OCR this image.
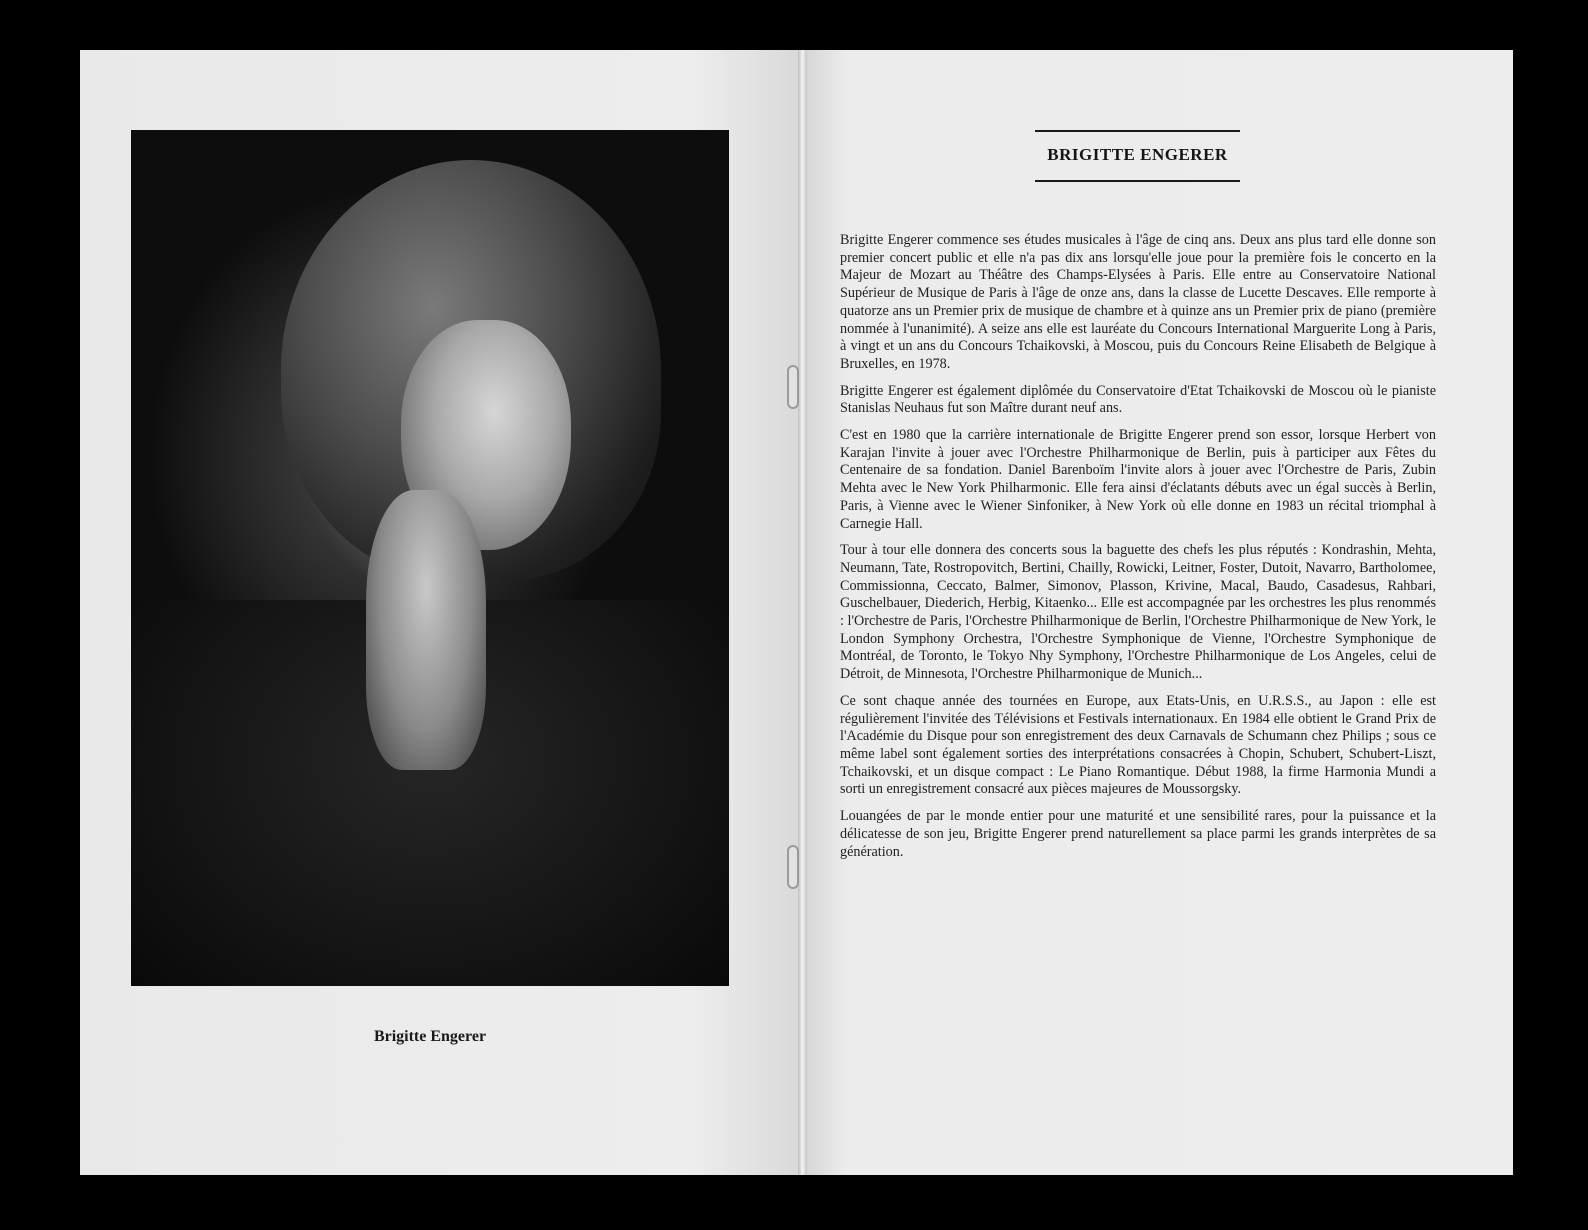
Brigitte Engerer
BRIGITTE ENGERER

Brigitte Engerer commence ses études musicales à l'âge de cinq ans. Deux ans plus tard elle donne son premier concert public et elle n'a pas dix ans lorsqu'elle joue pour la première fois le concerto en la Majeur de Mozart au Théâtre des Champs-Elysées à Paris. Elle entre au Conservatoire National Supérieur de Musique de Paris à l'âge de onze ans, dans la classe de Lucette Descaves. Elle remporte à quatorze ans un Premier prix de musique de chambre et à quinze ans un Premier prix de piano (première nommée à l'unanimité). A seize ans elle est lauréate du Concours International Marguerite Long à Paris, à vingt et un ans du Concours Tchaikovski, à Moscou, puis du Concours Reine Elisabeth de Belgique à Bruxelles, en 1978.

Brigitte Engerer est également diplômée du Conservatoire d'Etat Tchaikovski de Moscou où le pianiste Stanislas Neuhaus fut son Maître durant neuf ans.

C'est en 1980 que la carrière internationale de Brigitte Engerer prend son essor, lorsque Herbert von Karajan l'invite à jouer avec l'Orchestre Philharmonique de Berlin, puis à participer aux Fêtes du Centenaire de sa fondation. Daniel Barenboïm l'invite alors à jouer avec l'Orchestre de Paris, Zubin Mehta avec le New York Philharmonic. Elle fera ainsi d'éclatants débuts avec un égal succès à Berlin, Paris, à Vienne avec le Wiener Sinfoniker, à New York où elle donne en 1983 un récital triomphal à Carnegie Hall.

Tour à tour elle donnera des concerts sous la baguette des chefs les plus réputés : Kondrashin, Mehta, Neumann, Tate, Rostropovitch, Bertini, Chailly, Rowicki, Leitner, Foster, Dutoit, Navarro, Bartholomee, Commissionna, Ceccato, Balmer, Simonov, Plasson, Krivine, Macal, Baudo, Casadesus, Rahbari, Guschelbauer, Diederich, Herbig, Kitaenko... Elle est accompagnée par les orchestres les plus renommés : l'Orchestre de Paris, l'Orchestre Philharmonique de Berlin, l'Orchestre Philharmonique de New York, le London Symphony Orchestra, l'Orchestre Symphonique de Vienne, l'Orchestre Symphonique de Montréal, de Toronto, le Tokyo Nhy Symphony, l'Orchestre Philharmonique de Los Angeles, celui de Détroit, de Minnesota, l'Orchestre Philharmonique de Munich...

Ce sont chaque année des tournées en Europe, aux Etats-Unis, en U.R.S.S., au Japon : elle est régulièrement l'invitée des Télévisions et Festivals internationaux. En 1984 elle obtient le Grand Prix de l'Académie du Disque pour son enregistrement des deux Carnavals de Schumann chez Philips ; sous ce même label sont également sorties des interprétations consacrées à Chopin, Schubert, Schubert-Liszt, Tchaikovski, et un disque compact : Le Piano Romantique. Début 1988, la firme Harmonia Mundi a sorti un enregistrement consacré aux pièces majeures de Moussorgsky.

Louangées de par le monde entier pour une maturité et une sensibilité rares, pour la puissance et la délicatesse de son jeu, Brigitte Engerer prend naturellement sa place parmi les grands interprètes de sa génération.
